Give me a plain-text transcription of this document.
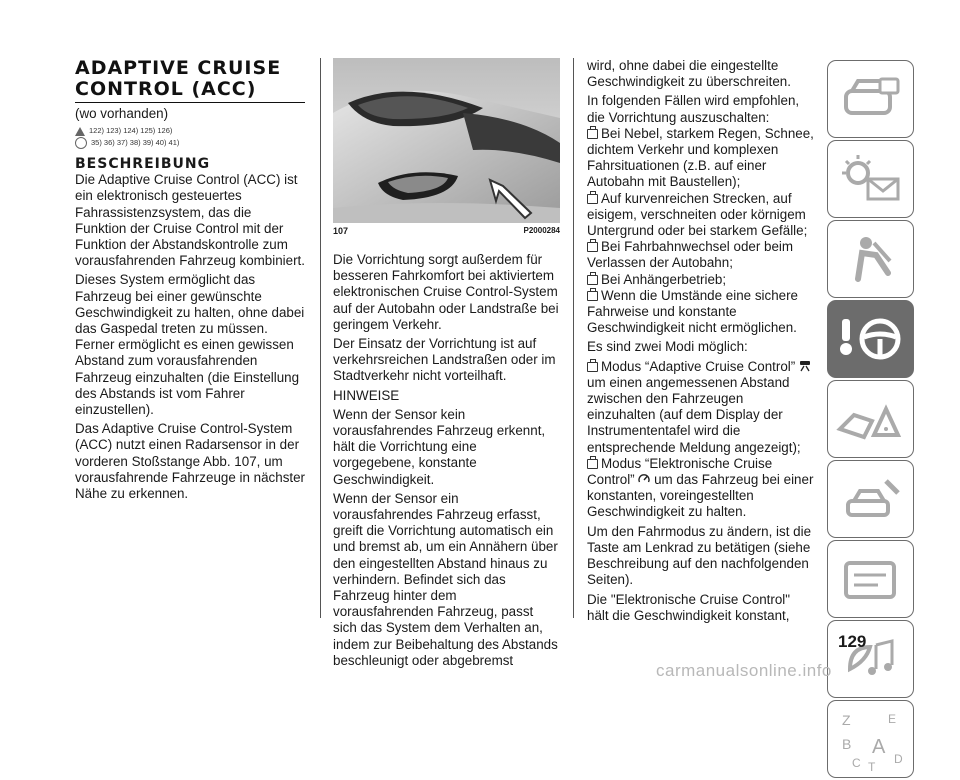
ADAPTIVE CRUISE
CONTROL (ACC)

(wo vorhanden)

122) 123) 124) 125) 126)
35) 36) 37) 38) 39) 40) 41)
BESCHREIBUNG

Die Adaptive Cruise Control (ACC) ist ein elektronisch gesteuertes Fahrassistenzsystem, das die Funktion der Cruise Control mit der Funktion der Abstandskontrolle zum vorausfahrenden Fahrzeug kombiniert.

Dieses System ermöglicht das Fahrzeug bei einer gewünschte Geschwindigkeit zu halten, ohne dabei das Gaspedal treten zu müssen. Ferner ermöglicht es einen gewissen Abstand zum vorausfahrenden Fahrzeug einzuhalten (die Einstellung des Abstands ist vom Fahrer einzustellen).

Das Adaptive Cruise Control-System (ACC) nutzt einen Radarsensor in der vorderen Stoßstange Abb. 107, um vorausfahrende Fahrzeuge in nächster Nähe zu erkennen.

107	P2000284

Die Vorrichtung sorgt außerdem für besseren Fahrkomfort bei aktiviertem elektronischen Cruise Control-System auf der Autobahn oder Landstraße bei geringem Verkehr.

Der Einsatz der Vorrichtung ist auf verkehrsreichen Landstraßen oder im Stadtverkehr nicht vorteilhaft.

HINWEISE

Wenn der Sensor kein vorausfahrendes Fahrzeug erkennt, hält die Vorrichtung eine vorgegebene, konstante Geschwindigkeit.

Wenn der Sensor ein vorausfahrendes Fahrzeug erfasst, greift die Vorrichtung automatisch ein und bremst ab, um ein Annähern über den eingestellten Abstand hinaus zu verhindern. Befindet sich das Fahrzeug hinter dem vorausfahrenden Fahrzeug, passt sich das System dem Verhalten an, indem zur Beibehaltung des Abstands beschleunigt oder abgebremst

wird, ohne dabei die eingestellte Geschwindigkeit zu überschreiten.

In folgenden Fällen wird empfohlen, die Vorrichtung auszuschalten:

Bei Nebel, starkem Regen, Schnee, dichtem Verkehr und komplexen Fahrsituationen (z.B. auf einer Autobahn mit Baustellen);

Auf kurvenreichen Strecken, auf eisigem, verschneiten oder körnigem Untergrund oder bei starkem Gefälle;

Bei Fahrbahnwechsel oder beim Verlassen der Autobahn;

Bei Anhängerbetrieb;

Wenn die Umstände eine sichere Fahrweise und konstante Geschwindigkeit nicht ermöglichen.

Es sind zwei Modi möglich:

Modus “Adaptive Cruise Control”  um einen angemessenen Abstand zwischen den Fahrzeugen einzuhalten (auf dem Display der Instrumententafel wird die entsprechende Meldung angezeigt);

Modus “Elektronische Cruise Control” um das Fahrzeug bei einer konstanten, voreingestellten Geschwindigkeit zu halten.

Um den Fahrmodus zu ändern, ist die Taste am Lenkrad zu betätigen (siehe Beschreibung auf den nachfolgenden Seiten).

Die "Elektronische Cruise Control" hält die Geschwindigkeit konstant,

Z	E
B A
C T
D
129
carmanualsonline.info
